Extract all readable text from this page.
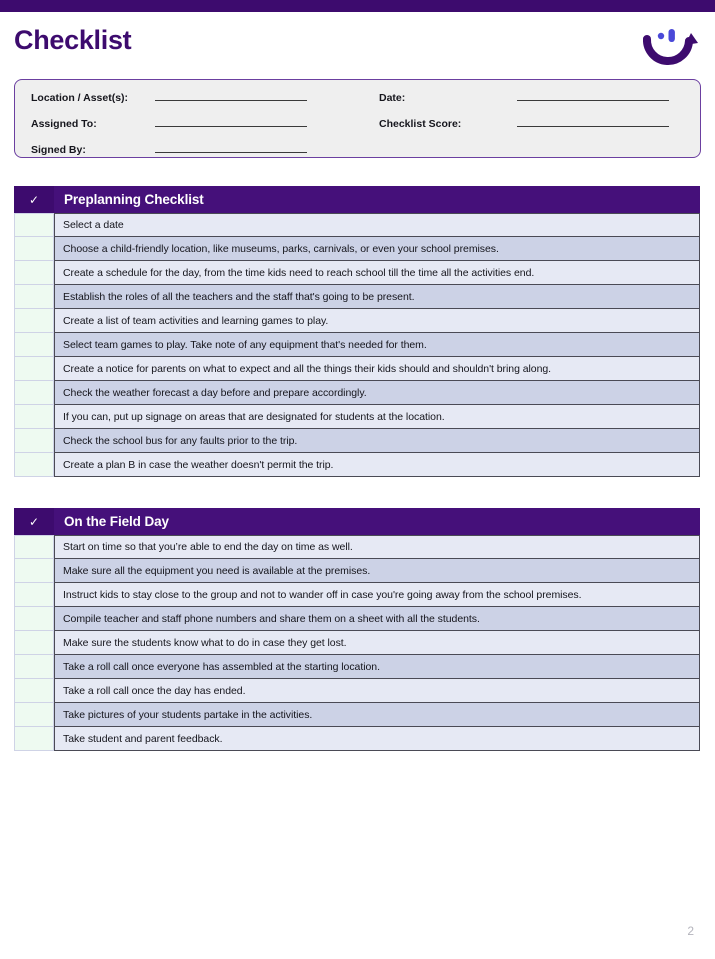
Checklist
Location / Asset(s):
Assigned To:
Signed By:
Date:
Checklist Score:
✓	Preplanning Checklist
Select a date
Choose a child-friendly location, like museums, parks, carnivals, or even your school premises.
Create a schedule for the day, from the time kids need to reach school till the time all the activities end.
Establish the roles of all the teachers and the staff that's going to be present.
Create a list of team activities and learning games to play.
Select team games to play. Take note of any equipment that's needed for them.
Create a notice for parents on what to expect and all the things their kids should and shouldn't bring along.
Check the weather forecast a day before and prepare accordingly.
If you can, put up signage on areas that are designated for students at the location.
Check the school bus for any faults prior to the trip.
Create a plan B in case the weather doesn't permit the trip.
✓	On the Field Day
Start on time so that you’re able to end the day on time as well.
Make sure all the equipment you need is available at the premises.
Instruct kids to stay close to the group and not to wander off in case you're going away from the school premises.
Compile teacher and staff phone numbers and share them on a sheet with all the students.
Make sure the students know what to do in case they get lost.
Take a roll call once everyone has assembled at the starting location.
Take a roll call once the day has ended.
Take pictures of your students partake in the activities.
Take student and parent feedback.
2
